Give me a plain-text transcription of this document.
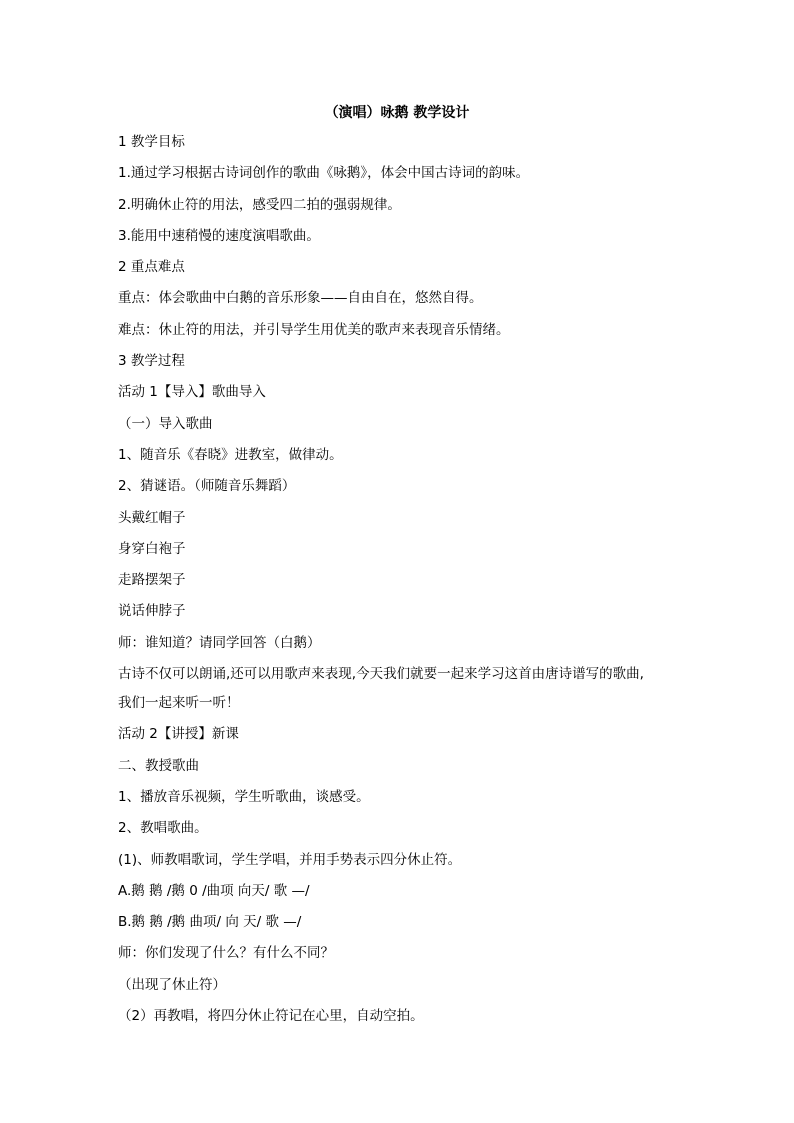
（演唱）咏鹅 教学设计
1 教学目标
1.通过学习根据古诗词创作的歌曲《咏鹅》，体会中国古诗词的韵味。
2.明确休止符的用法，感受四二拍的强弱规律。
3.能用中速稍慢的速度演唱歌曲。
2 重点难点
重点：体会歌曲中白鹅的音乐形象——自由自在，悠然自得。
难点：休止符的用法，并引导学生用优美的歌声来表现音乐情绪。
3 教学过程
活动 1【导入】歌曲导入
（一）导入歌曲
1、随音乐《春晓》进教室，做律动。
2、猜谜语。（师随音乐舞蹈）
头戴红帽子
身穿白袍子
走路摆架子
说话伸脖子
师：谁知道？请同学回答（白鹅）
古诗不仅可以朗诵,还可以用歌声来表现,今天我们就要一起来学习这首由唐诗谱写的歌曲,
我们一起来听一听！
活动 2【讲授】新课
二、教授歌曲
1、播放音乐视频，学生听歌曲，谈感受。
2、教唱歌曲。
(1)、师教唱歌词，学生学唱，并用手势表示四分休止符。
A.鹅 鹅 /鹅 0 /曲项 向天/ 歌 —/
B.鹅 鹅 /鹅 曲项/ 向 天/ 歌 —/
师：你们发现了什么？有什么不同？
（出现了休止符）
（2）再教唱，将四分休止符记在心里，自动空拍。
